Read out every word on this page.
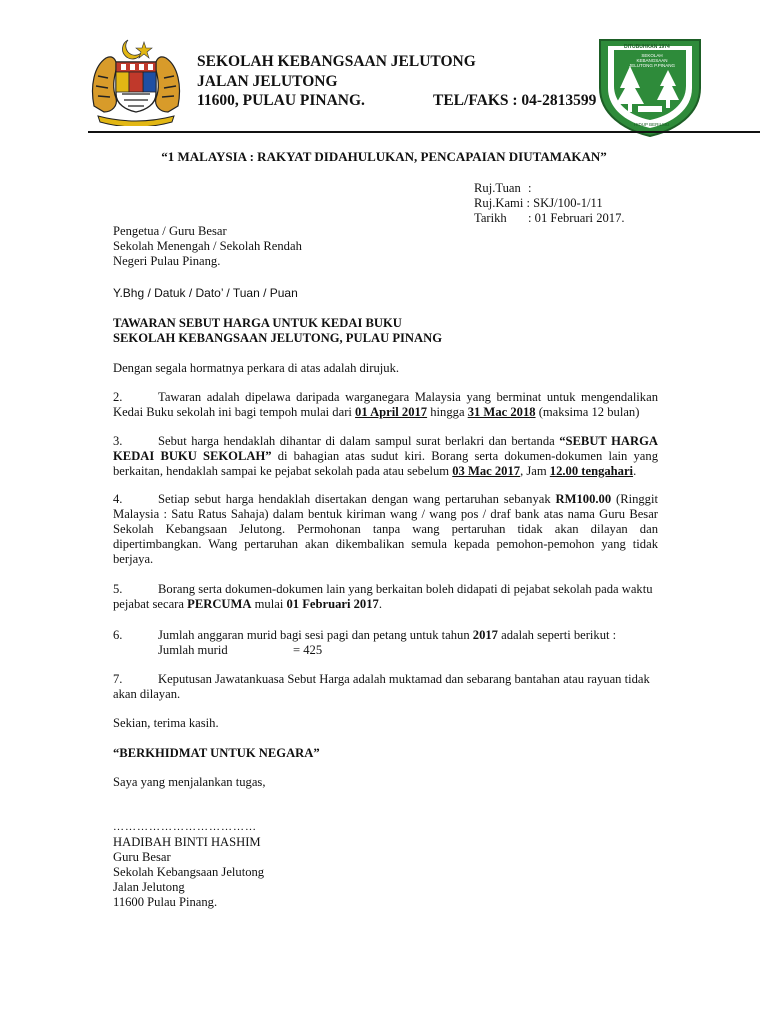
DITUBUHKAN 1974
SEKOLAH KEBANGSAAN JELUTONG P.PINANG
HIDUP BERILMU
SEKOLAH KEBANGSAAN JELUTONG
JALAN JELUTONG
11600, PULAU PINANG.	TEL/FAKS : 04-2813599
“1 MALAYSIA : RAKYAT DIDAHULUKAN, PENCAPAIAN DIUTAMAKAN”
Ruj.Tuan :
Ruj.Kami : SKJ/100-1/11
Tarikh : 01 Februari 2017.
Pengetua / Guru Besar
Sekolah Menengah / Sekolah Rendah
Negeri Pulau Pinang.
Y.Bhg / Datuk / Dato’ / Tuan / Puan
TAWARAN SEBUT HARGA UNTUK KEDAI BUKU
SEKOLAH KEBANGSAAN JELUTONG, PULAU PINANG
Dengan segala hormatnya perkara di atas adalah dirujuk.
2.	Tawaran adalah dipelawa daripada warganegara Malaysia yang berminat untuk mengendalikan Kedai Buku sekolah ini bagi tempoh mulai dari 01 April 2017 hingga 31 Mac 2018 (maksima 12 bulan)
3.	Sebut harga hendaklah dihantar di dalam sampul surat berlakri dan bertanda “SEBUT HARGA KEDAI BUKU SEKOLAH” di bahagian atas sudut kiri. Borang serta dokumen-dokumen lain yang berkaitan, hendaklah sampai ke pejabat sekolah pada atau sebelum 03 Mac 2017, Jam 12.00 tengahari.
4.	Setiap sebut harga hendaklah disertakan dengan wang pertaruhan sebanyak RM100.00 (Ringgit Malaysia : Satu Ratus Sahaja) dalam bentuk kiriman wang / wang pos / draf bank atas nama Guru Besar Sekolah Kebangsaan Jelutong. Permohonan tanpa wang pertaruhan tidak akan dilayan dan dipertimbangkan. Wang pertaruhan akan dikembalikan semula kepada pemohon-pemohon yang tidak berjaya.
5.	Borang serta dokumen-dokumen lain yang berkaitan boleh didapati di pejabat sekolah pada waktu pejabat secara PERCUMA mulai 01 Februari 2017.
6.	Jumlah anggaran murid bagi sesi pagi dan petang untuk tahun 2017 adalah seperti berikut :
Jumlah murid	= 425
7.	Keputusan Jawatankuasa Sebut Harga adalah muktamad dan sebarang bantahan atau rayuan tidak akan dilayan.
Sekian, terima kasih.
“BERKHIDMAT UNTUK NEGARA”
Saya yang menjalankan tugas,
………………………………
HADIBAH BINTI HASHIM
Guru Besar
Sekolah Kebangsaan Jelutong
Jalan Jelutong
11600 Pulau Pinang.
